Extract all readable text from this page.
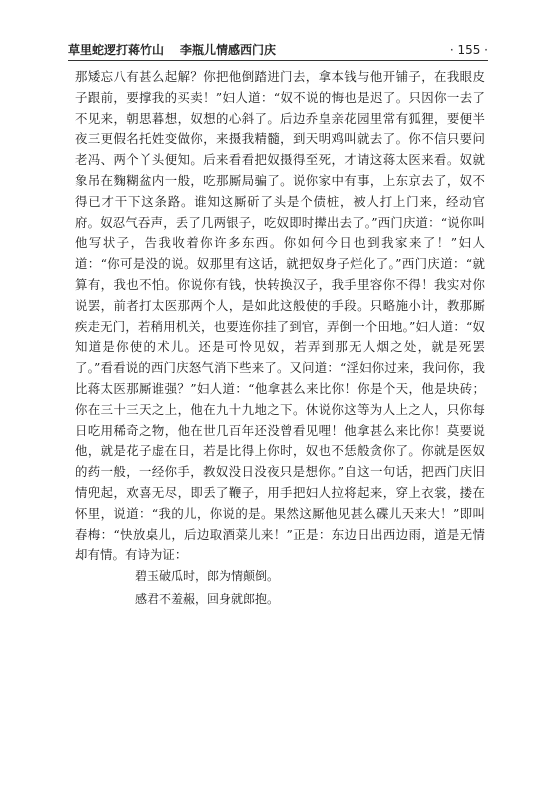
草里蛇逻打蒋竹山 李瓶儿情感西门庆	· 155 ·

那矮忘八有甚么起解？你把他倒踏进门去，拿本钱与他开铺子，在我眼皮子跟前，要撑我的买卖！”妇人道：“奴不说的悔也是迟了。只因你一去了不见来，朝思暮想，奴想的心斜了。后边乔皇亲花园里常有狐狸，要便半夜三更假名托姓变做你，来摄我精髓，到天明鸡叫就去了。你不信只要问老冯、两个丫头便知。后来看看把奴摄得至死，才请这蒋太医来看。奴就象吊在麴糊盆内一般，吃那厮局骗了。说你家中有事，上东京去了，奴不得已才干下这条路。谁知这厮斫了头是个债桩，被人打上门来，经动官府。奴忍气吞声，丢了几两银子，吃奴即时撵出去了。”西门庆道：“说你叫他写状子，告我收着你许多东西。你如何今日也到我家来了！”妇人道：“你可是没的说。奴那里有这话，就把奴身子烂化了。”西门庆道：“就算有，我也不怕。你说你有钱，快转换汉子，我手里容你不得！我实对你说罢，前者打太医那两个人，是如此这般使的手段。只略施小计，教那厮疾走无门，若稍用机关，也要连你挂了到官，弄倒一个田地。”妇人道：“奴知道是你使的术儿。还是可怜见奴，若弄到那无人烟之处，就是死罢了。”看看说的西门庆怒气消下些来了。又问道：“淫妇你过来，我问你，我比蒋太医那厮谁强？”妇人道：“他拿甚么来比你！你是个天，他是块砖；你在三十三天之上，他在九十九地之下。休说你这等为人上之人，只你每日吃用稀奇之物，他在世几百年还没曾看见哩！他拿甚么来比你！莫要说他，就是花子虚在日，若是比得上你时，奴也不恁般贪你了。你就是医奴的药一般，一经你手，教奴没日没夜只是想你。”自这一句话，把西门庆旧情兜起，欢喜无尽，即丢了鞭子，用手把妇人拉将起来，穿上衣裳，搂在怀里，说道：“我的儿，你说的是。果然这厮他见甚么碟儿天来大！”即叫春梅：“快放桌儿，后边取酒菜儿来！”正是：东边日出西边雨，道是无情却有情。有诗为证：

碧玉破瓜时，郎为情颠倒。
感君不羞赧，回身就郎抱。
